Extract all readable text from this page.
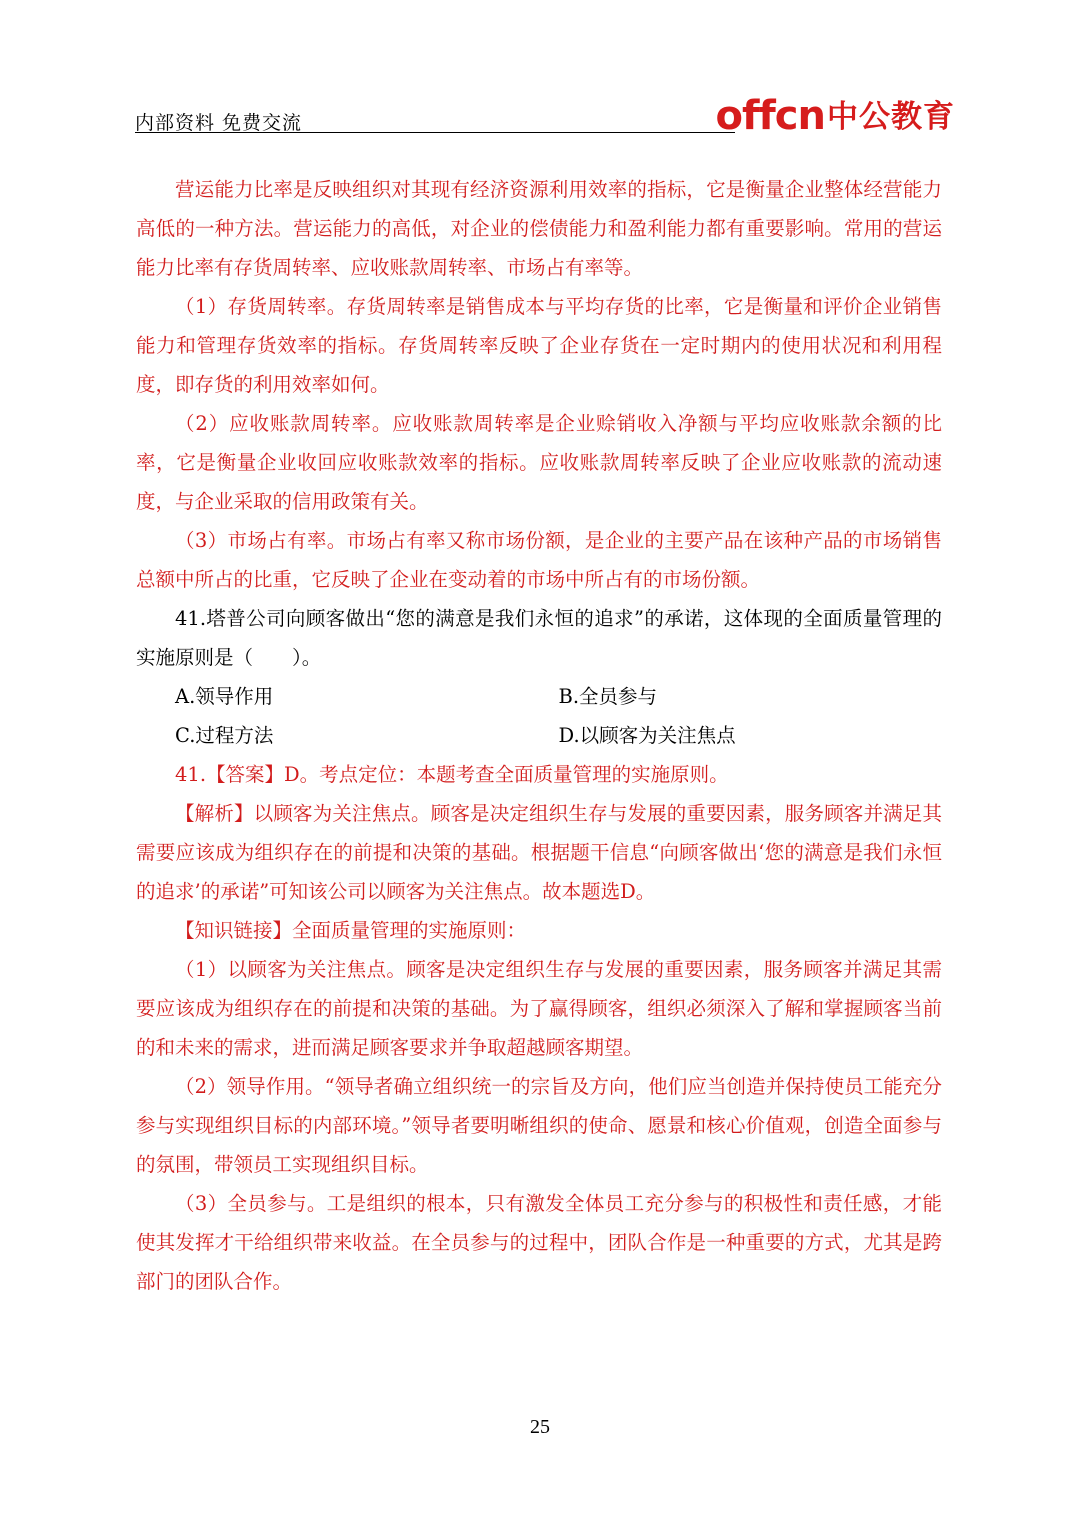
内部资料 免费交流	offcn 中公教育

营运能力比率是反映组织对其现有经济资源利用效率的指标，它是衡量企业整体经营能力高低的一种方法。营运能力的高低，对企业的偿债能力和盈利能力都有重要影响。常用的营运能力比率有存货周转率、应收账款周转率、市场占有率等。

（1）存货周转率。存货周转率是销售成本与平均存货的比率，它是衡量和评价企业销售能力和管理存货效率的指标。存货周转率反映了企业存货在一定时期内的使用状况和利用程度，即存货的利用效率如何。

（2）应收账款周转率。应收账款周转率是企业赊销收入净额与平均应收账款余额的比率，它是衡量企业收回应收账款效率的指标。应收账款周转率反映了企业应收账款的流动速度，与企业采取的信用政策有关。

（3）市场占有率。市场占有率又称市场份额，是企业的主要产品在该种产品的市场销售总额中所占的比重，它反映了企业在变动着的市场中所占有的市场份额。

41.塔普公司向顾客做出“您的满意是我们永恒的追求”的承诺，这体现的全面质量管理的实施原则是（　　）。

A.领导作用	B.全员参与
C.过程方法	D.以顾客为关注焦点

41.【答案】D。考点定位：本题考查全面质量管理的实施原则。

【解析】以顾客为关注焦点。顾客是决定组织生存与发展的重要因素，服务顾客并满足其需要应该成为组织存在的前提和决策的基础。根据题干信息“向顾客做出‘您的满意是我们永恒的追求’的承诺”可知该公司以顾客为关注焦点。故本题选D。

【知识链接】全面质量管理的实施原则：

（1）以顾客为关注焦点。顾客是决定组织生存与发展的重要因素，服务顾客并满足其需要应该成为组织存在的前提和决策的基础。为了赢得顾客，组织必须深入了解和掌握顾客当前的和未来的需求，进而满足顾客要求并争取超越顾客期望。

（2）领导作用。“领导者确立组织统一的宗旨及方向，他们应当创造并保持使员工能充分参与实现组织目标的内部环境。”领导者要明晰组织的使命、愿景和核心价值观，创造全面参与的氛围，带领员工实现组织目标。

（3）全员参与。工是组织的根本，只有激发全体员工充分参与的积极性和责任感，才能使其发挥才干给组织带来收益。在全员参与的过程中，团队合作是一种重要的方式，尤其是跨部门的团队合作。

25
